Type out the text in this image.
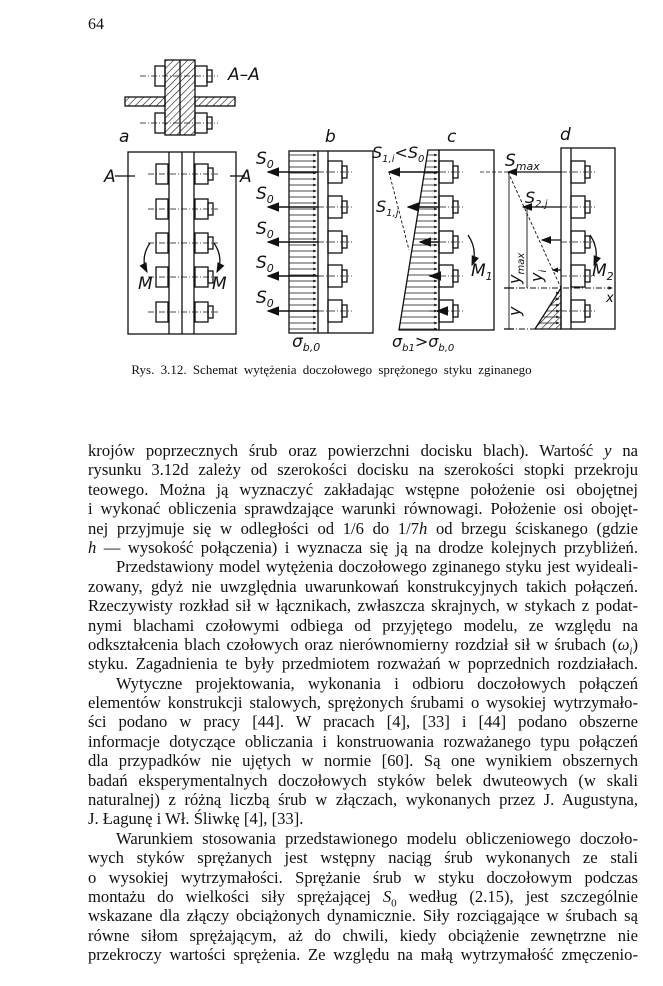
64
A–A
a	b	c	d
A	A
M	M
$S_0$
$S_0$
$S_0$
$S_0$
$S_0$
$\sigma_{b,0}$
$S_{1,i}<S_0$
$S_{1,j}$
$M_1$
$\sigma_{b1}>\sigma_{b,0}$
$S_{max}$
$S_{2,j}$
$y_{max}$
$y_i$
y
x
$M_2$
Rys. 3.12. Schemat wytężenia doczołowego sprężonego styku zginanego
krojów poprzecznych śrub oraz powierzchni docisku blach). Wartość y na
rysunku 3.12d zależy od szerokości docisku na szerokości stopki przekroju
teowego. Można ją wyznaczyć zakładając wstępne położenie osi obojętnej
i wykonać obliczenia sprawdzające warunki równowagi. Położenie osi obojęt-
nej przyjmuje się w odległości od 1/6 do 1/7h od brzegu ściskanego (gdzie
h — wysokość połączenia) i wyznacza się ją na drodze kolejnych przybliżeń.
Przedstawiony model wytężenia doczołowego zginanego styku jest wyideali-
zowany, gdyż nie uwzględnia uwarunkowań konstrukcyjnych takich połączeń.
Rzeczywisty rozkład sił w łącznikach, zwłaszcza skrajnych, w stykach z podat-
nymi blachami czołowymi odbiega od przyjętego modelu, ze względu na
odkształcenia blach czołowych oraz nierównomierny rozdział sił w śrubach $(\omega_i)$
styku. Zagadnienia te były przedmiotem rozważań w poprzednich rozdziałach.
Wytyczne projektowania, wykonania i odbioru doczołowych połączeń
elementów konstrukcji stalowych, sprężonych śrubami o wysokiej wytrzymało-
ści podano w pracy [44]. W pracach [4], [33] i [44] podano obszerne
informacje dotyczące obliczania i konstruowania rozważanego typu połączeń
dla przypadków nie ujętych w normie [60]. Są one wynikiem obszernych
badań eksperymentalnych doczołowych styków belek dwuteowych (w skali
naturalnej) z różną liczbą śrub w złączach, wykonanych przez J. Augustyna,
J. Łagunę i Wł. Śliwkę [4], [33].
Warunkiem stosowania przedstawionego modelu obliczeniowego doczoło-
wych styków sprężanych jest wstępny naciąg śrub wykonanych ze stali
o wysokiej wytrzymałości. Sprężanie śrub w styku doczołowym podczas
montażu do wielkości siły sprężającej $S_0$ według (2.15), jest szczególnie
wskazane dla złączy obciążonych dynamicznie. Siły rozciągające w śrubach są
równe siłom sprężającym, aż do chwili, kiedy obciążenie zewnętrzne nie
przekroczy wartości sprężenia. Ze względu na małą wytrzymałość zmęczenio-
